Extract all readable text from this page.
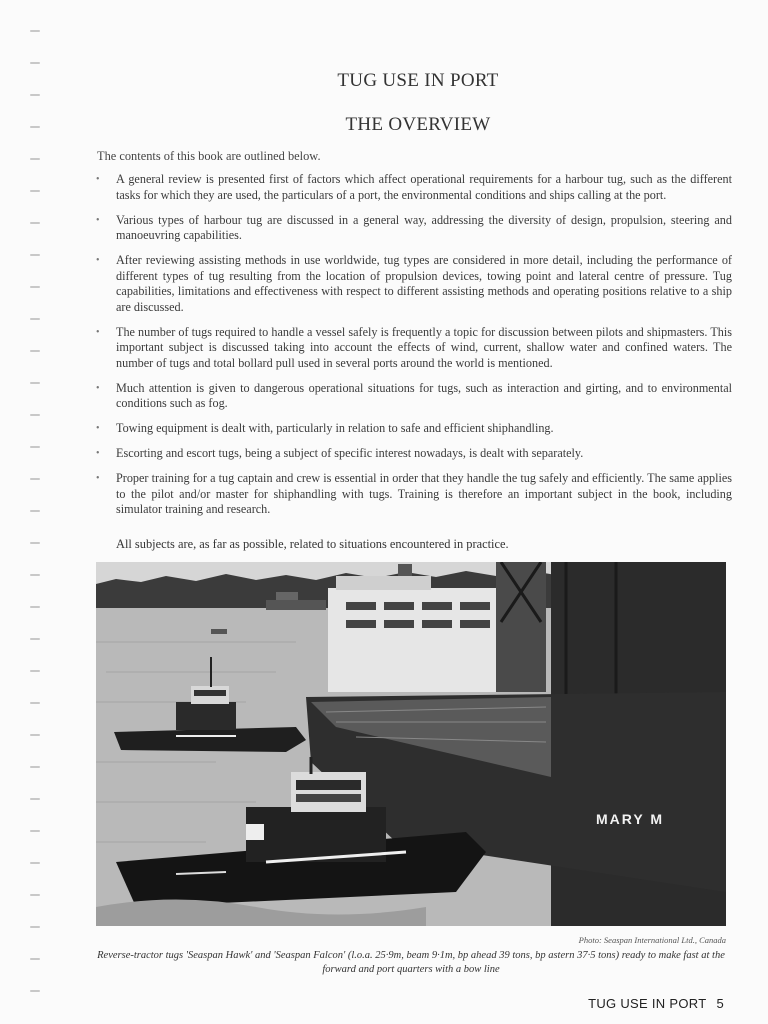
TUG USE IN PORT
THE OVERVIEW
The contents of this book are outlined below.
• A general review is presented first of factors which affect operational requirements for a harbour tug, such as the different tasks for which they are used, the particulars of a port, the environmental conditions and ships calling at the port.
• Various types of harbour tug are discussed in a general way, addressing the diversity of design, propulsion, steering and manoeuvring capabilities.
• After reviewing assisting methods in use worldwide, tug types are considered in more detail, including the performance of different types of tug resulting from the location of propulsion devices, towing point and lateral centre of pressure. Tug capabilities, limitations and effectiveness with respect to different assisting methods and operating positions relative to a ship are discussed.
• The number of tugs required to handle a vessel safely is frequently a topic for discussion between pilots and shipmasters. This important subject is discussed taking into account the effects of wind, current, shallow water and confined waters. The number of tugs and total bollard pull used in several ports around the world is mentioned.
• Much attention is given to dangerous operational situations for tugs, such as interaction and girting, and to environmental conditions such as fog.
• Towing equipment is dealt with, particularly in relation to safe and efficient shiphandling.
• Escorting and escort tugs, being a subject of specific interest nowadays, is dealt with separately.
• Proper training for a tug captain and crew is essential in order that they handle the tug safely and efficiently. The same applies to the pilot and/or master for shiphandling with tugs. Training is therefore an important subject in the book, including simulator training and research.
All subjects are, as far as possible, related to situations encountered in practice.
MARY M
Photo: Seaspan International Ltd., Canada
Reverse-tractor tugs 'Seaspan Hawk' and 'Seaspan Falcon' (l.o.a. 25·9m, beam 9·1m, bp ahead 39 tons, bp astern 37·5 tons) ready to make fast at the forward and port quarters with a bow line
TUG USE IN PORT 5
